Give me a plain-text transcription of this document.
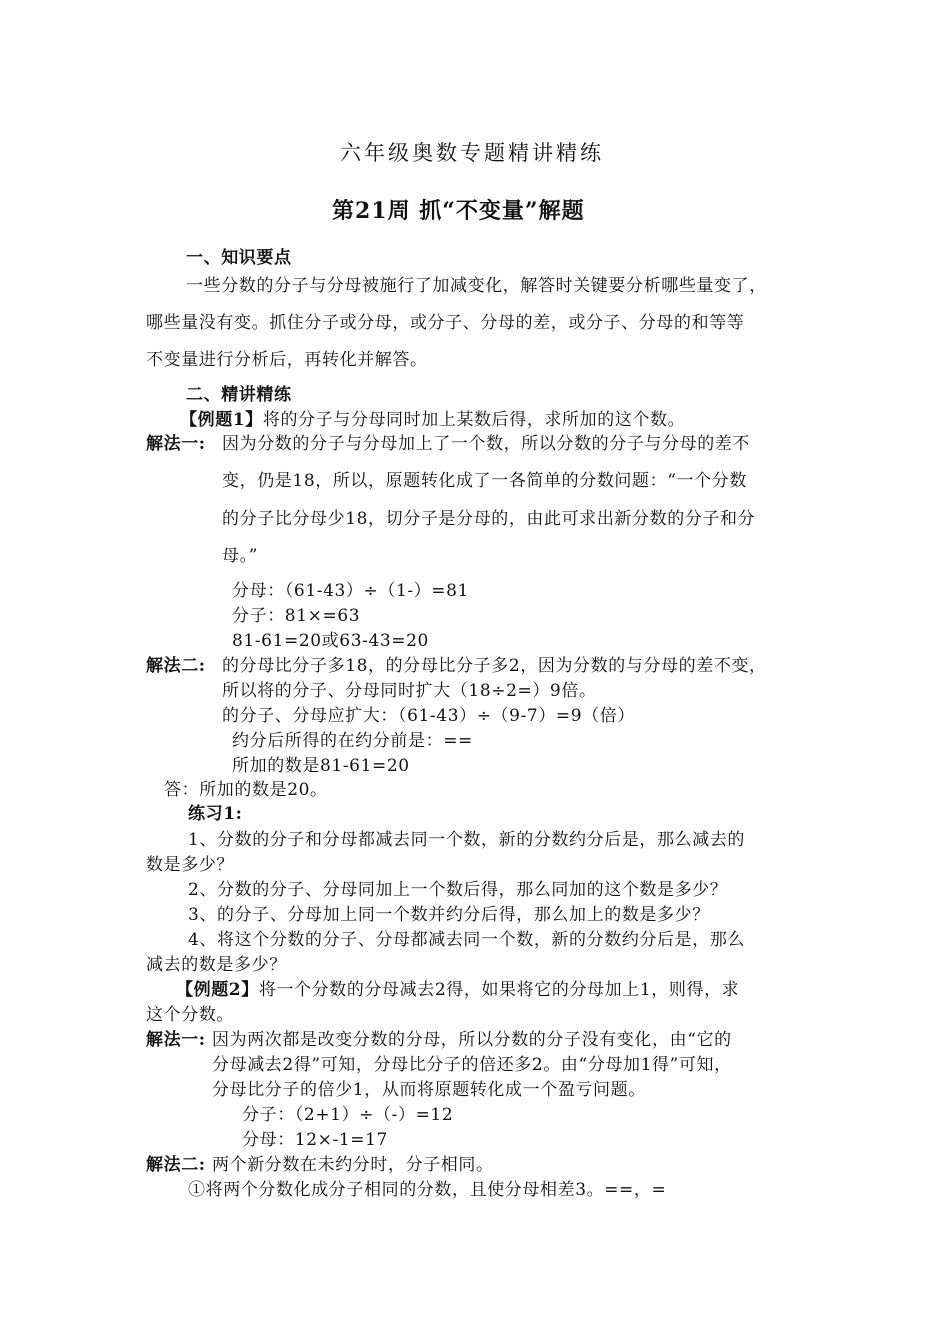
六年级奥数专题精讲精练
第21周 抓“不变量”解题
一、知识要点
一些分数的分子与分母被施行了加减变化，解答时关键要分析哪些量变了，
哪些量没有变。抓住分子或分母，或分子、分母的差，或分子、分母的和等等
不变量进行分析后，再转化并解答。
二、精讲精练
【例题1】将的分子与分母同时加上某数后得，求所加的这个数。
解法一: 因为分数的分子与分母加上了一个数，所以分数的分子与分母的差不
变，仍是18，所以，原题转化成了一各简单的分数问题：“一个分数
的分子比分母少18，切分子是分母的，由此可求出新分数的分子和分
母。”
分母：（61-43）÷（1-）=81
分子：81×=63
81-61=20或63-43=20
解法二: 的分母比分子多18，的分母比分子多2，因为分数的与分母的差不变，
所以将的分子、分母同时扩大（18÷2=）9倍。
的分子、分母应扩大：（61-43）÷（9-7）=9（倍）
约分后所得的在约分前是：==
所加的数是81-61=20
答：所加的数是20。
练习1:
1、分数的分子和分母都减去同一个数，新的分数约分后是，那么减去的
数是多少？
2、分数的分子、分母同加上一个数后得，那么同加的这个数是多少？
3、的分子、分母加上同一个数并约分后得，那么加上的数是多少？
4、将这个分数的分子、分母都减去同一个数，新的分数约分后是，那么
减去的数是多少？
【例题2】将一个分数的分母减去2得，如果将它的分母加上1，则得，求
这个分数。
解法一: 因为两次都是改变分数的分母，所以分数的分子没有变化，由“它的
分母减去2得”可知，分母比分子的倍还多2。由“分母加1得”可知，
分母比分子的倍少1，从而将原题转化成一个盈亏问题。
分子：（2+1）÷（-）=12
分母：12×-1=17
解法二: 两个新分数在未约分时，分子相同。
①将两个分数化成分子相同的分数，且使分母相差3。==，=
